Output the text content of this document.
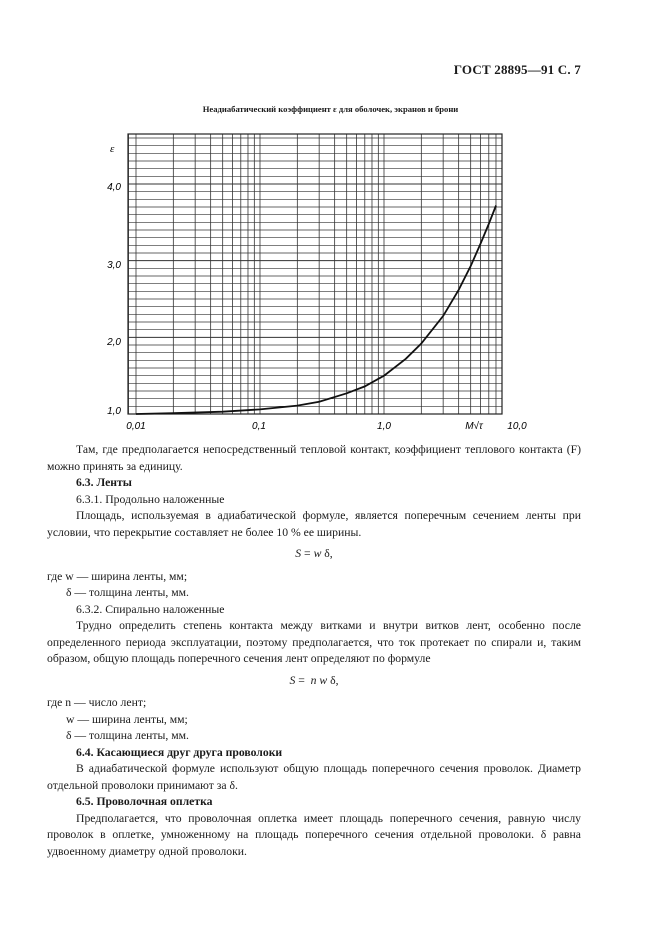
ГОСТ 28895—91 С. 7
Неадиабатический коэффициент ε для оболочек, экранов и брони
ε
4,0
3,0
2,0
1,0
0,01	0,1	1,0	M√τ 10,0

Там, где предполагается непосредственный тепловой контакт, коэффициент теплового контакта (F) можно принять за единицу.

6.3. Ленты

6.3.1. Продольно наложенные

Площадь, используемая в адиабатической формуле, является поперечным сечением ленты при условии, что перекрытие составляет не более 10 % ее ширины.

S = w δ,

где w — ширина ленты, мм;

δ — толщина ленты, мм.

6.3.2. Спирально наложенные

Трудно определить степень контакта между витками и внутри витков лент, особенно после определенного периода эксплуатации, поэтому предполагается, что ток протекает по спирали и, таким образом, общую площадь поперечного сечения лент определяют по формуле

S = n w δ,

где n — число лент;

w — ширина ленты, мм;

δ — толщина ленты, мм.

6.4. Касающиеся друг друга проволоки

В адиабатической формуле используют общую площадь поперечного сечения проволок. Диаметр отдельной проволоки принимают за δ.

6.5. Проволочная оплетка

Предполагается, что проволочная оплетка имеет площадь поперечного сечения, равную числу проволок в оплетке, умноженному на площадь поперечного сечения отдельной проволоки. δ равна удвоенному диаметру одной проволоки.
